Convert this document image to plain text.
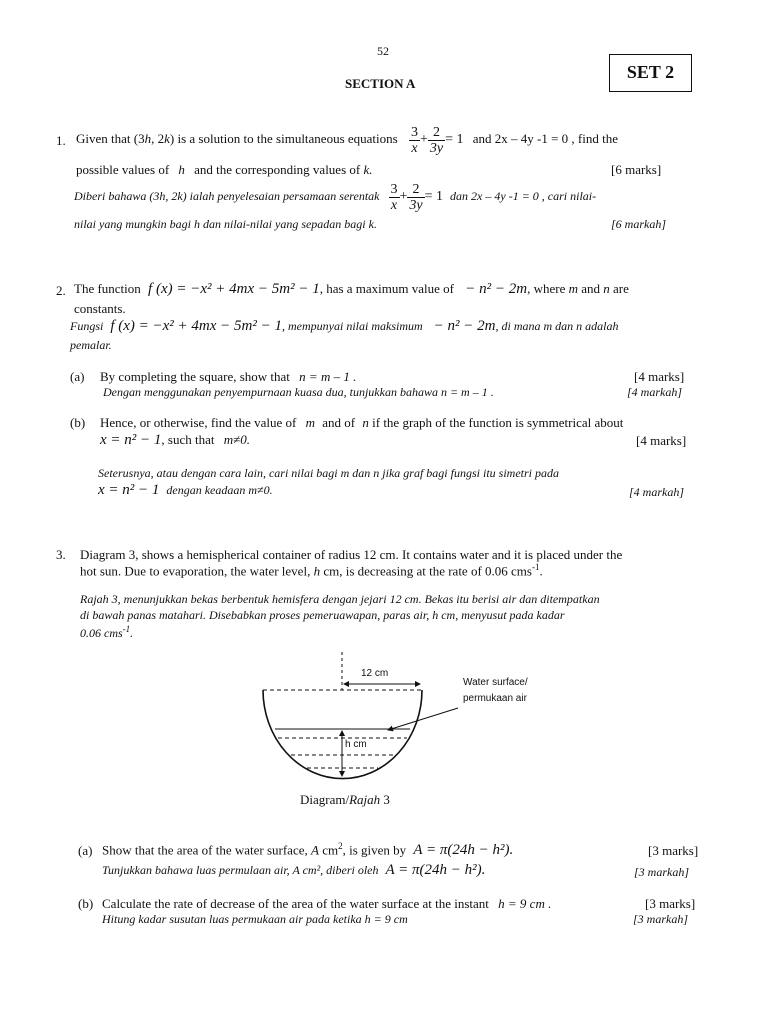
52
SECTION A
SET 2
1. Given that (3h, 2k) is a solution to the simultaneous equations $\frac{3}{x} + \frac{2}{3y} = 1$ and 2x – 4y -1 = 0 , find the
possible values of h and the corresponding values of k.	[6 marks]
Diberi bahawa (3h, 2k) ialah penyelesaian persamaan serentak $\frac{3}{x} + \frac{2}{3y} = 1$ dan 2x – 4y -1 = 0 , cari nilai-
nilai yang mungkin bagi h dan nilai-nilai yang sepadan bagi k.	[6 markah]
2. The function f (x) = −x² + 4mx − 5m² − 1, has a maximum value of − n² − 2m, where m and n are
constants.
Fungsi f (x) = −x² + 4mx − 5m² − 1, mempunyai nilai maksimum − n² − 2m, di mana m dan n adalah
pemalar.
(a) By completing the square, show that n = m – 1 .	[4 marks]
Dengan menggunakan penyempurnaan kuasa dua, tunjukkan bahawa n = m – 1 .	[4 markah]
(b) Hence, or otherwise, find the value of m and of n if the graph of the function is symmetrical about
x = n² − 1, such that m≠0.	[4 marks]
Seterusnya, atau dengan cara lain, cari nilai bagi m dan n jika graf bagi fungsi itu simetri pada
x = n² − 1 dengan keadaan m≠0.	[4 markah]
3. Diagram 3, shows a hemispherical container of radius 12 cm. It contains water and it is placed under the
hot sun. Due to evaporation, the water level, h cm, is decreasing at the rate of 0.06 cms$^{-1}$.
Rajah 3, menunjukkan bekas berbentuk hemisfera dengan jejari 12 cm. Bekas itu berisi air dan ditempatkan
di bawah panas matahari. Disebabkan proses pemeruawapan, paras air, h cm, menyusut pada kadar
0.06 cms$^{-1}$.
12 cm
Water surface/
permukaan air
h cm
Diagram/Rajah 3
(a) Show that the area of the water surface, A $cm^2$, is given by A = π(24h − h²).	[3 marks]
Tunjukkan bahawa luas permulaan air, A cm², diberi oleh A = π(24h − h²).	[3 markah]
(b) Calculate the rate of decrease of the area of the water surface at the instant h = 9 cm .	[3 marks]
Hitung kadar susutan luas permukaan air pada ketika h = 9 cm	[3 markah]
